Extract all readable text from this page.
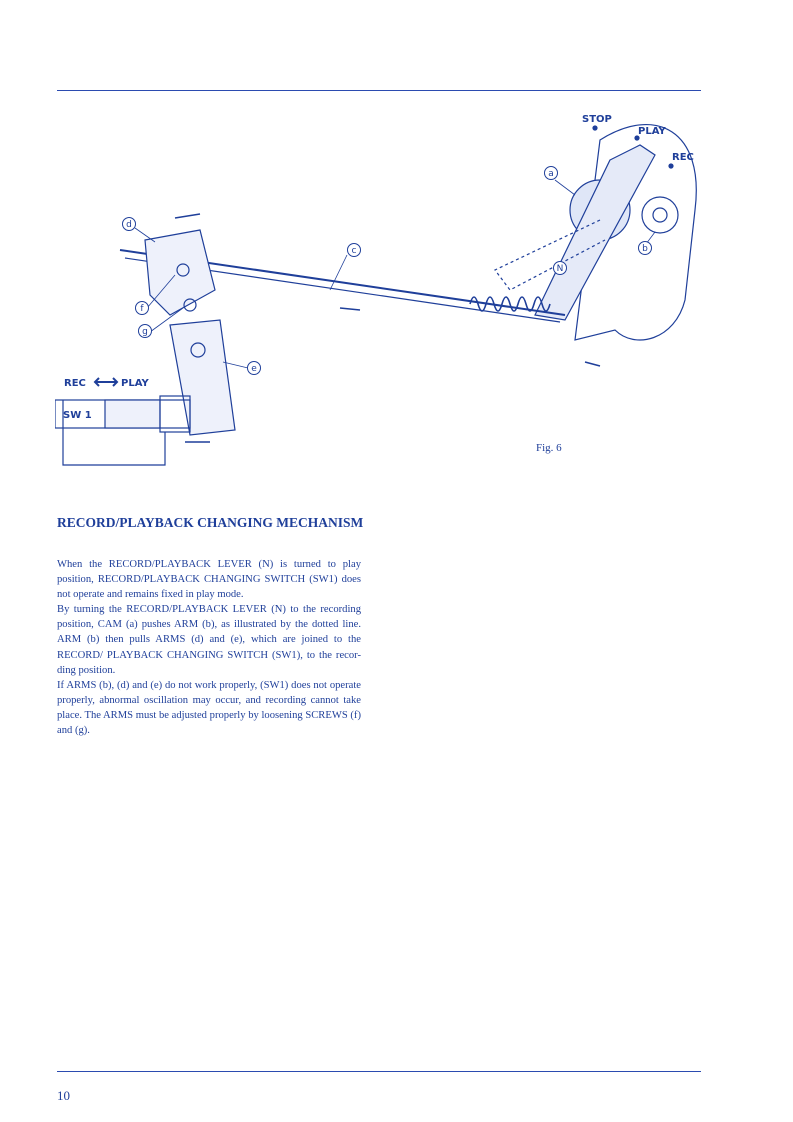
STOP
PLAY
REC
REC	PLAY
SW 1
a
b
c
d
e
f
g
N
Fig. 6
RECORD/PLAYBACK CHANGING MECHANISM

When the RECORD/PLAYBACK LEVER (N) is turned to play position, RECORD/PLAYBACK CHANGING SWITCH (SW1) does not operate and remains fixed in play mode.

By turning the RECORD/PLAYBACK LEVER (N) to the recording position, CAM (a) pushes ARM (b), as illustrated by the dotted line. ARM (b) then pulls ARMS (d) and (e), which are joined to the RECORD/ PLAYBACK CHANGING SWITCH (SW1), to the recor-ding position.

If ARMS (b), (d) and (e) do not work properly, (SW1) does not operate properly, abnormal oscillation may occur, and recording cannot take place. The ARMS must be adjusted properly by loosening SCREWS (f) and (g).

10
